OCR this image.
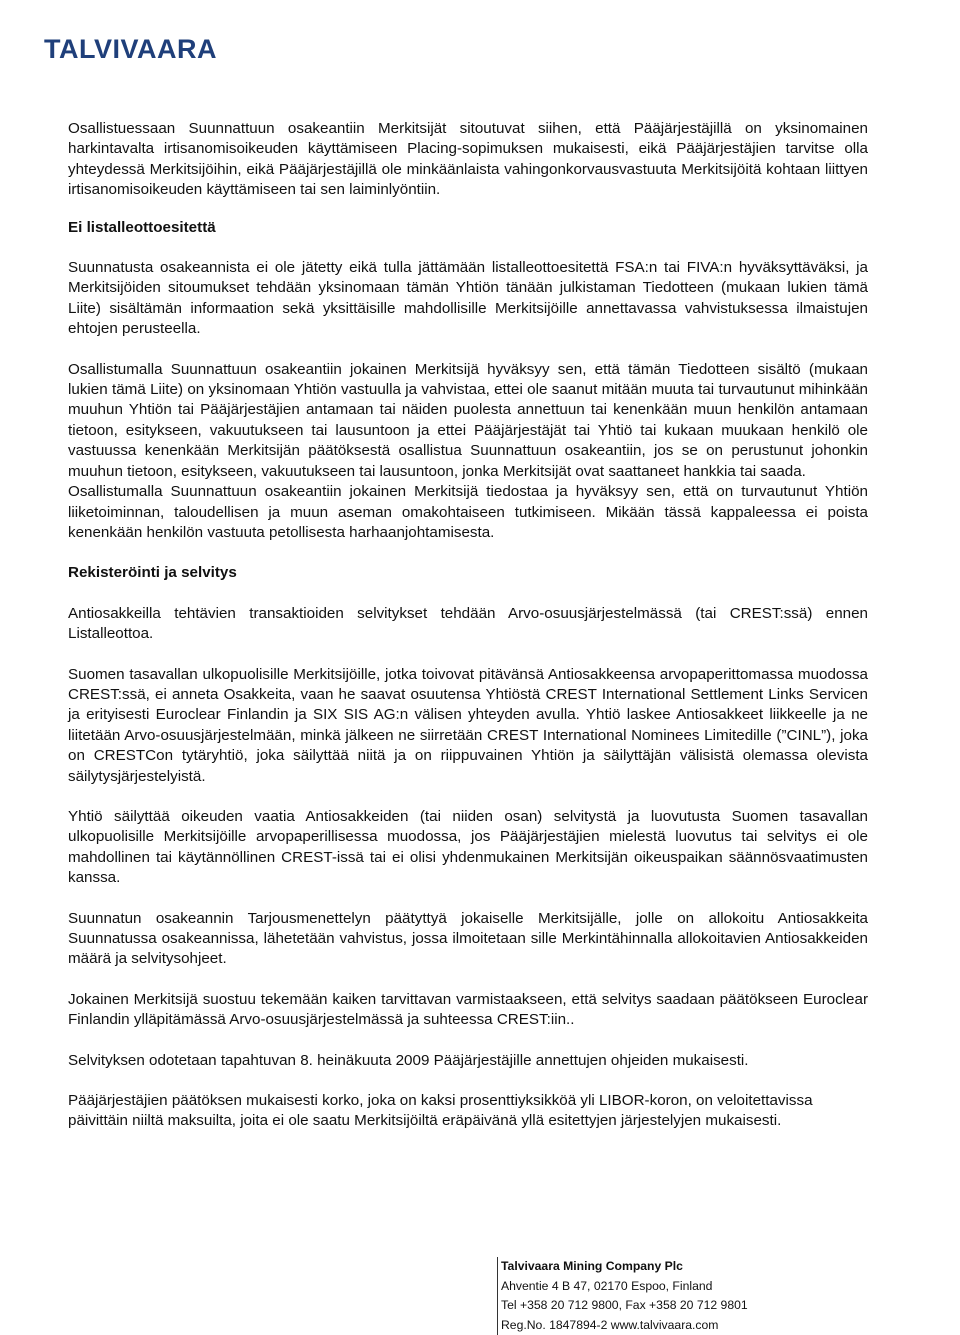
TALVIVAARA

Osallistuessaan Suunnattuun osakeantiin Merkitsijät sitoutuvat siihen, että Pääjärjestäjillä on yksinomainen harkintavalta irtisanomisoikeuden käyttämiseen Placing-sopimuksen mukaisesti, eikä Pääjärjestäjien tarvitse olla yhteydessä Merkitsijöihin, eikä Pääjärjestäjillä ole minkäänlaista vahingonkorvausvastuuta Merkitsijöitä kohtaan liittyen irtisanomisoikeuden käyttämiseen tai sen laiminlyöntiin.

Ei listalleottoesitettä

Suunnatusta osakeannista ei ole jätetty eikä tulla jättämään listalleottoesitettä FSA:n tai FIVA:n hyväksyttäväksi, ja Merkitsijöiden sitoumukset tehdään yksinomaan tämän Yhtiön tänään julkistaman Tiedotteen (mukaan lukien tämä Liite) sisältämän informaation sekä yksittäisille mahdollisille Merkitsijöille annettavassa vahvistuksessa ilmaistujen ehtojen perusteella.

Osallistumalla Suunnattuun osakeantiin jokainen Merkitsijä hyväksyy sen, että tämän Tiedotteen sisältö (mukaan lukien tämä Liite) on yksinomaan Yhtiön vastuulla ja vahvistaa, ettei ole saanut mitään muuta tai turvautunut mihinkään muuhun Yhtiön tai Pääjärjestäjien antamaan tai näiden puolesta annettuun tai kenenkään muun henkilön antamaan tietoon, esitykseen, vakuutukseen tai lausuntoon ja ettei Pääjärjestäjät tai Yhtiö tai kukaan muukaan henkilö ole vastuussa kenenkään Merkitsijän päätöksestä osallistua Suunnattuun osakeantiin, jos se on perustunut johonkin muuhun tietoon, esitykseen, vakuutukseen tai lausuntoon, jonka Merkitsijät ovat saattaneet hankkia tai saada.

Osallistumalla Suunnattuun osakeantiin jokainen Merkitsijä tiedostaa ja hyväksyy sen, että on turvautunut Yhtiön liiketoiminnan, taloudellisen ja muun aseman omakohtaiseen tutkimiseen. Mikään tässä kappaleessa ei poista kenenkään henkilön vastuuta petollisesta harhaanjohtamisesta.

Rekisteröinti ja selvitys

Antiosakkeilla tehtävien transaktioiden selvitykset tehdään Arvo-osuusjärjestelmässä (tai CREST:ssä) ennen Listalleottoa.

Suomen tasavallan ulkopuolisille Merkitsijöille, jotka toivovat pitävänsä Antiosakkeensa arvopaperittomassa muodossa CREST:ssä, ei anneta Osakkeita, vaan he saavat osuutensa Yhtiöstä CREST International Settlement Links Servicen ja erityisesti Euroclear Finlandin ja SIX SIS AG:n välisen yhteyden avulla. Yhtiö laskee Antiosakkeet liikkeelle ja ne liitetään Arvo-osuusjärjestelmään, minkä jälkeen ne siirretään CREST International Nominees Limitedille (”CINL”), joka on CRESTCon tytäryhtiö, joka säilyttää niitä ja on riippuvainen Yhtiön ja säilyttäjän välisistä olemassa olevista säilytysjärjestelyistä.

Yhtiö säilyttää oikeuden vaatia Antiosakkeiden (tai niiden osan) selvitystä ja luovutusta Suomen tasavallan ulkopuolisille Merkitsijöille arvopaperillisessa muodossa, jos Pääjärjestäjien mielestä luovutus tai selvitys ei ole mahdollinen tai käytännöllinen CREST-issä tai ei olisi yhdenmukainen Merkitsijän oikeuspaikan säännösvaatimusten kanssa.

Suunnatun osakeannin Tarjousmenettelyn päätyttyä jokaiselle Merkitsijälle, jolle on allokoitu Antiosakkeita Suunnatussa osakeannissa, lähetetään vahvistus, jossa ilmoitetaan sille Merkintähinnalla allokoitavien Antiosakkeiden määrä ja selvitysohjeet.

Jokainen Merkitsijä suostuu tekemään kaiken tarvittavan varmistaakseen, että selvitys saadaan päätökseen Euroclear Finlandin ylläpitämässä Arvo-osuusjärjestelmässä ja suhteessa CREST:iin..

Selvityksen odotetaan tapahtuvan 8. heinäkuuta 2009 Pääjärjestäjille annettujen ohjeiden mukaisesti.

Pääjärjestäjien päätöksen mukaisesti korko, joka on kaksi prosenttiyksikköä yli LIBOR-koron, on veloitettavissa päivittäin niiltä maksuilta, joita ei ole saatu Merkitsijöiltä eräpäivänä yllä esitettyjen järjestelyjen mukaisesti.

Talvivaara Mining Company Plc
Ahventie 4 B 47, 02170 Espoo, Finland
Tel +358 20 712 9800, Fax +358 20 712 9801
Reg.No. 1847894-2 www.talvivaara.com
